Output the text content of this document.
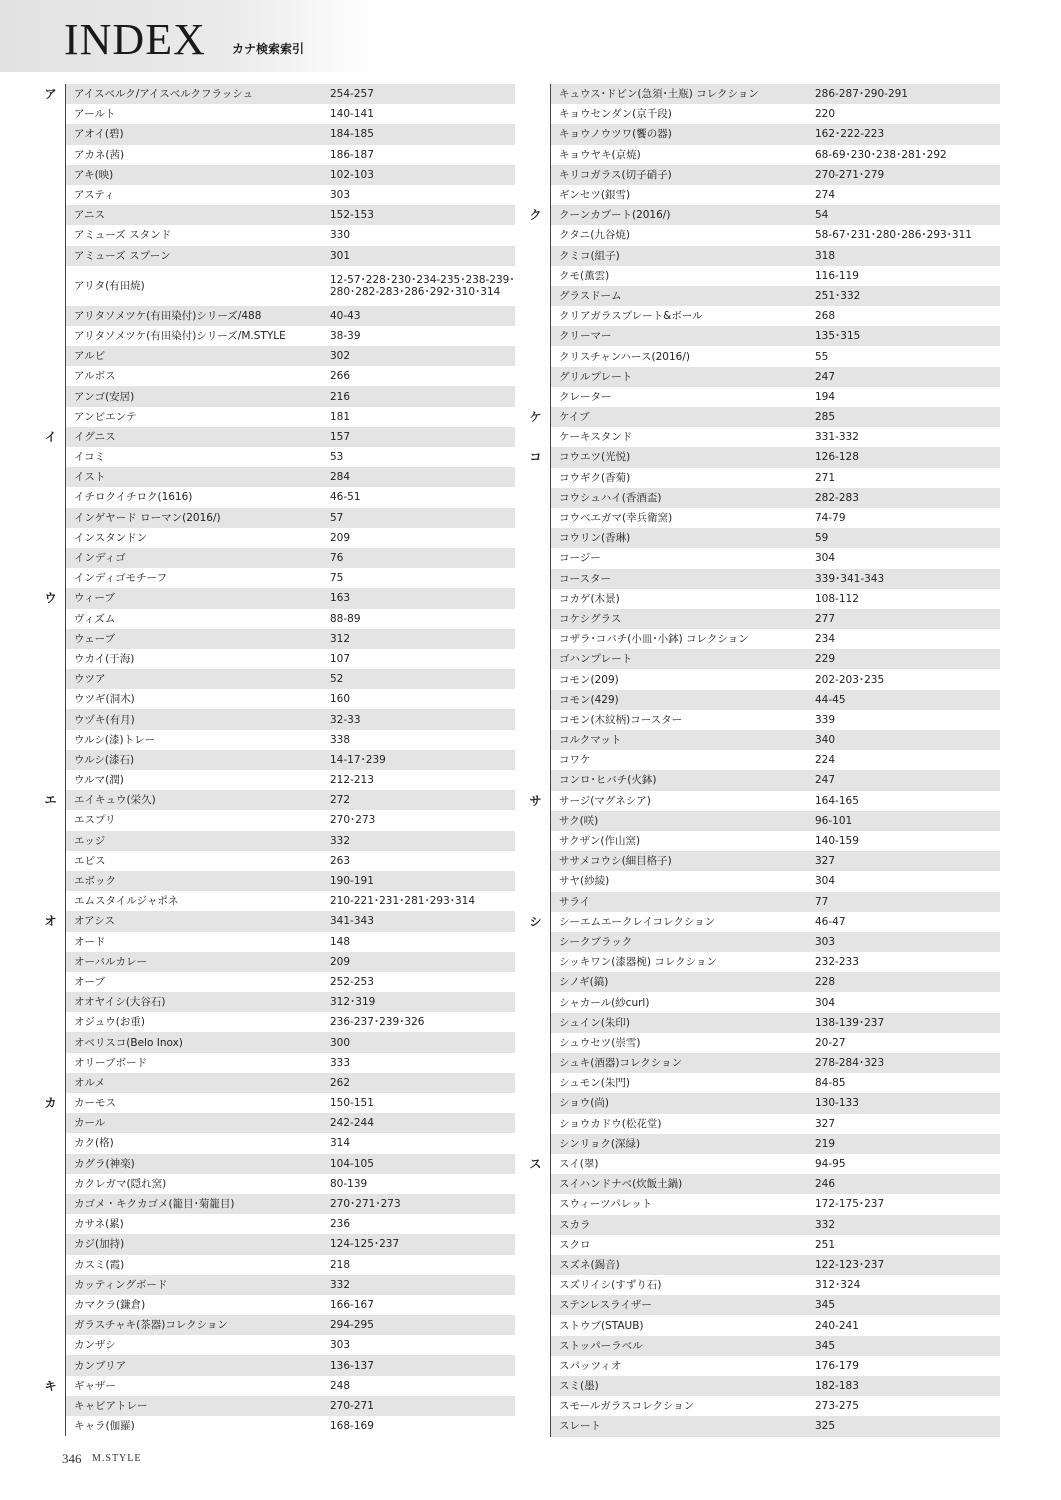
INDEX カナ検索索引
ア	アイスベルク/アイスベルクフラッシュ	254-257
アールト	140-141
アオイ(碧)	184-185
アカネ(茜)	186-187
アキ(映)	102-103
アスティ	303
アニス	152-153
アミューズ スタンド	330
アミューズ スプーン	301
アリタ(有田焼)	12-57･228･230･234-235･238-239･280･282-283･286･292･310･314
アリタソメツケ(有田染付)シリーズ/488	40-43
アリタソメツケ(有田染付)シリーズ/M.STYLE	38-39
アルビ	302
アルボス	266
アンゴ(安居)	216
アンビエンテ	181
イ	イグニス	157
イコミ	53
イスト	284
イチロクイチロク(1616)	46-51
インゲヤード ローマン(2016/)	57
インスタンドン	209
インディゴ	76
インディゴモチーフ	75
ウ	ウィーブ	163
ヴィズム	88-89
ウェーブ	312
ウカイ(于海)	107
ウツア	52
ウツギ(洞木)	160
ウヅキ(有月)	32-33
ウルシ(漆)トレー	338
ウルシ(漆石)	14-17･239
ウルマ(潤)	212-213
エ	エイキュウ(栄久)	272
エスプリ	270･273
エッジ	332
エピス	263
エボック	190-191
エムスタイルジャポネ	210-221･231･281･293･314
オ	オアシス	341-343
オード	148
オーバルカレー	209
オーブ	252-253
オオヤイシ(大谷石)	312･319
オジュウ(お重)	236-237･239･326
オベリスコ(Belo Inox)	300
オリーブボード	333
オルメ	262
カ	カーモス	150-151
カール	242-244
カク(格)	314
カグラ(神楽)	104-105
カクレガマ(隠れ窯)	80-139
カゴメ・キクカゴメ(籠目･菊籠目)	270･271･273
カサネ(累)	236
カジ(加持)	124-125･237
カスミ(霞)	218
カッティングボード	332
カマクラ(鎌倉)	166-167
ガラスチャキ(茶器)コレクション	294-295
カンザシ	303
カンブリア	136-137
キ	ギャザー	248
キャビアトレー	270-271
キャラ(伽羅)	168-169
キュウス･ドビン(急須･土瓶) コレクション	286-287･290-291
キョウセンダン(京千段)	220
キョウノウツワ(饗の器)	162･222-223
キョウヤキ(京焼)	68-69･230･238･281･292
キリコガラス(切子硝子)	270-271･279
ギンセツ(銀雪)	274
ク	クーンカプート(2016/)	54
クタニ(九谷焼)	58-67･231･280･286･293･311
クミコ(組子)	318
クモ(薫雲)	116-119
グラスドーム	251･332
クリアガラスプレート&ボール	268
クリーマー	135･315
クリスチャンハース(2016/)	55
グリルプレート	247
クレーター	194
ケ	ケイブ	285
ケーキスタンド	331-332
コ	コウエツ(光悦)	126-128
コウギク(香菊)	271
コウシュハイ(香酒盃)	282-283
コウベエガマ(幸兵衛窯)	74-79
コウリン(香琳)	59
コージー	304
コースター	339･341-343
コカゲ(木景)	108-112
コケシグラス	277
コザラ･コバチ(小皿･小鉢) コレクション	234
ゴハンプレート	229
コモン(209)	202-203･235
コモン(429)	44-45
コモン(木紋柄)コースター	339
コルクマット	340
コワケ	224
コンロ･ヒバチ(火鉢)	247
サ	サージ(マグネシア)	164-165
サク(咲)	96-101
サクザン(作山窯)	140-159
ササメコウシ(細目格子)	327
サヤ(紗綾)	304
サライ	77
シ	シーエムエークレイコレクション	46-47
シークブラック	303
シッキワン(漆器椀) コレクション	232-233
シノギ(鎬)	228
シャカール(紗curl)	304
シュイン(朱印)	138-139･237
シュウセツ(崇雪)	20-27
シュキ(酒器)コレクション	278-284･323
シュモン(朱門)	84-85
ショウ(尚)	130-133
ショウカドウ(松花堂)	327
シンリョク(深緑)	219
ス	スイ(翠)	94-95
スイハンドナベ(炊飯土鍋)	246
スウィーツパレット	172-175･237
スカラ	332
スクロ	251
スズネ(錫音)	122-123･237
スズリイシ(すずり石)	312･324
ステンレスライザー	345
ストウブ(STAUB)	240-241
ストッパーラベル	345
スパッツィオ	176-179
スミ(墨)	182-183
スモールガラスコレクション	273-275
スレート	325
346 M.STYLE
